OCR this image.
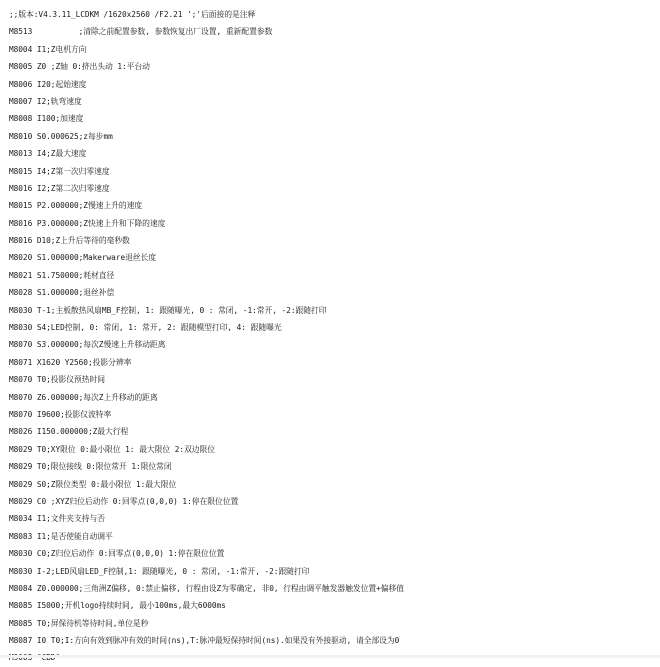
;;版本:V4.3.11_LCDKM /1620x2560 /F2.21 ';'后面接的是注释
M8513          ;清除之前配置参数, 参数恢复出厂设置, 重新配置参数
M8004 I1;Z电机方向
M8005 Z0 ;Z轴 0:挤出头动 1:平台动
M8006 I20;起始速度
M8007 I2;轨弯速度
M8008 I100;加速度
M8010 S0.000625;z每步mm
M8013 I4;Z最大速度
M8015 I4;Z第一次归零速度
M8016 I2;Z第二次归零速度
M8015 P2.000000;Z慢速上升的速度
M8016 P3.000000;Z快速上升和下降的速度
M8016 D10;Z上升后等待的毫秒数
M8020 S1.000000;Makerware退丝长度
M8021 S1.750000;耗材直径
M8028 S1.000000;退丝补偿
M8030 T-1;主板散热风扇MB_F控制, 1: 跟随曝光, 0 : 常闭, -1:常开, -2:跟随打印
M8030 S4;LED控制, 0: 常闭, 1: 常开, 2: 跟随模型打印, 4: 跟随曝光
M8070 S3.000000;每次Z慢速上升移动距离
M8071 X1620 Y2560;投影分辨率
M8070 T0;投影仪预热时间
M8070 Z6.000000;每次Z上升移动的距离
M8070 I9600;投影仪波特率
M8026 I150.000000;Z最大行程
M8029 T0;XY限位 0:最小限位 1: 最大限位 2:双边限位
M8029 T0;限位接线 0:限位常开 1:限位常闭
M8029 S0;Z限位类型 0:最小限位 1:最大限位
M8029 C0 ;XYZ归位后动作 0:回零点(0,0,0) 1:停在限位位置
M8034 I1;文件夹支持与否
M8083 I1;是否使能自动调平
M8030 C0;Z归位后动作 0:回零点(0,0,0) 1:停在限位位置
M8030 I-2;LED风扇LED_F控制,1: 跟随曝光, 0 : 常闭, -1:常开, -2:跟随打印
M8084 Z0.000000;三角洲Z偏移, 0:禁止偏移, 行程由设Z为零确定, 非0, 行程由调平触发器触发位置+偏移值
M8085 I5000;开机logo持续时间, 最小100ms,最大6000ms
M8085 T0;屏保待机等待时间,单位是秒
M8087 I0 T0;I:方向有效到脉冲有效的时间(ns),T:脉冲最短保持时间(ns).如果没有外接驱动, 请全部设为0
